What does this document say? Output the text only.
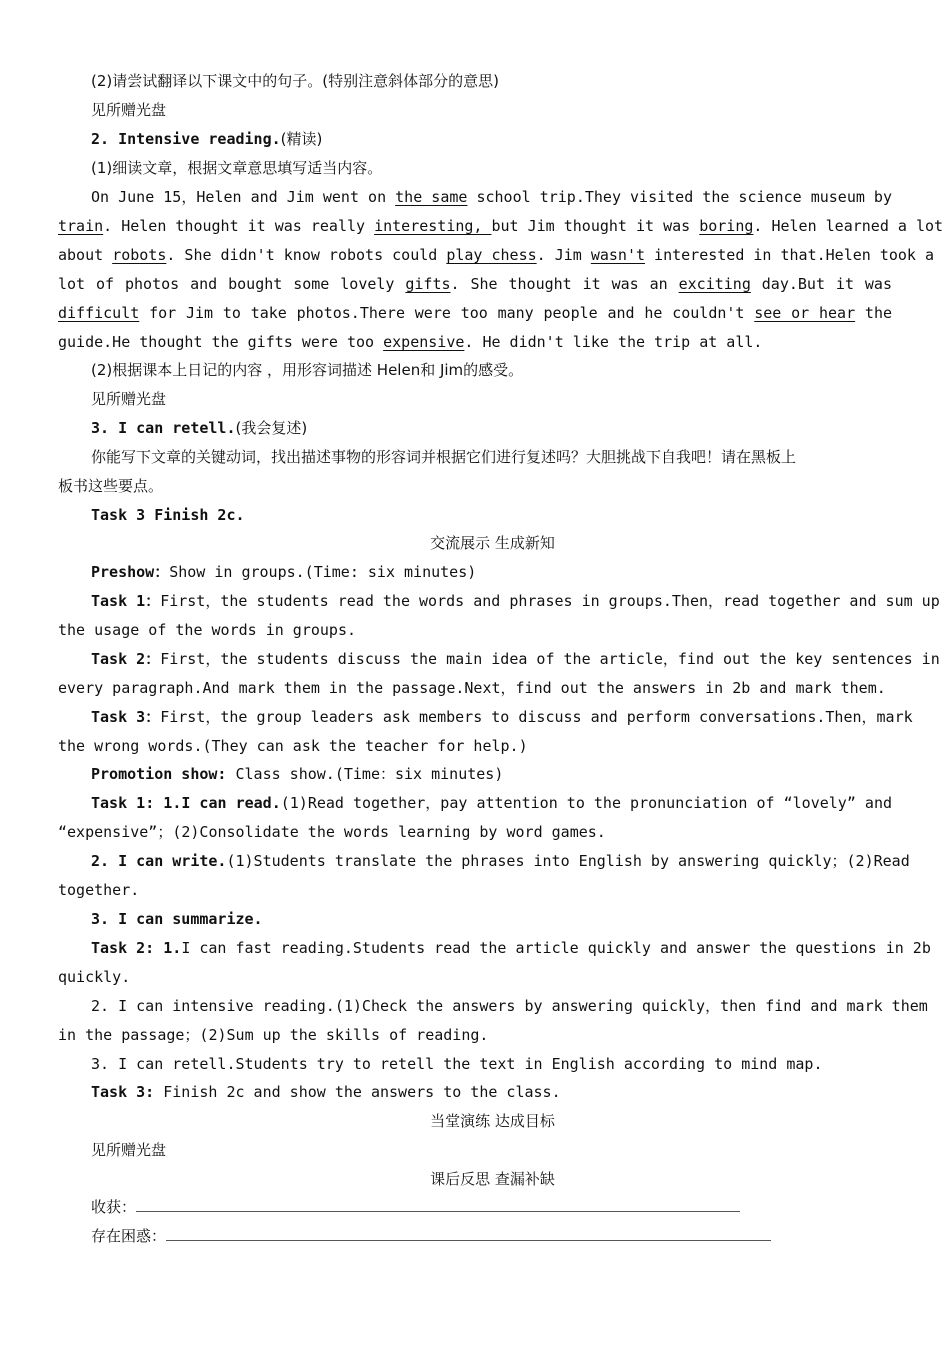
(2)请尝试翻译以下课文中的句子。(特别注意斜体部分的意思)
见所赠光盘
2. Intensive reading.(精读)
(1)细读文章，根据文章意思填写适当内容。
On June 15，Helen and Jim went on the same school trip.They visited the science museum by
train. Helen thought it was really interesting, but Jim thought it was boring. Helen learned a lot
about robots. She didn't know robots could play chess. Jim wasn't interested in that.Helen took a
lot of photos and bought some lovely gifts. She thought it was an exciting day.But it was
difficult for Jim to take photos.There were too many people and he couldn't see or hear the
guide.He thought the gifts were too expensive. He didn't like the trip at all.
(2)根据课本上日记的内容 ，用形容词描述 Helen和 Jim的感受。
见所赠光盘
3. I can retell.(我会复述)
你能写下文章的关键动词，找出描述事物的形容词并根据它们进行复述吗？大胆挑战下自我吧！请在黑板上
板书这些要点。
Task 3 Finish 2c.
交流展示 生成新知
Preshow：Show in groups.(Time: six minutes)
Task 1：First，the students read the words and phrases in groups.Then，read together and sum up
the usage of the words in groups.
Task 2：First，the students discuss the main idea of the article，find out the key sentences in
every paragraph.And mark them in the passage.Next，find out the answers in 2b and mark them.
Task 3：First，the group leaders ask members to discuss and perform conversations.Then，mark
the wrong words.(They can ask the teacher for help.)
Promotion show: Class show.(Time：six minutes)
Task 1: 1.I can read.(1)Read together，pay attention to the pronunciation of “lovely” and
“expensive”；(2)Consolidate the words learning by word games.
2. I can write.(1)Students translate the phrases into English by answering quickly；(2)Read
together.
3. I can summarize.
Task 2: 1.I can fast reading.Students read the article quickly and answer the questions in 2b
quickly.
2. I can intensive reading.(1)Check the answers by answering quickly，then find and mark them
in the passage；(2)Sum up the skills of reading.
3. I can retell.Students try to retell the text in English according to mind map.
Task 3: Finish 2c and show the answers to the class.
当堂演练 达成目标
见所赠光盘
课后反思 查漏补缺
收获：
存在困惑：
